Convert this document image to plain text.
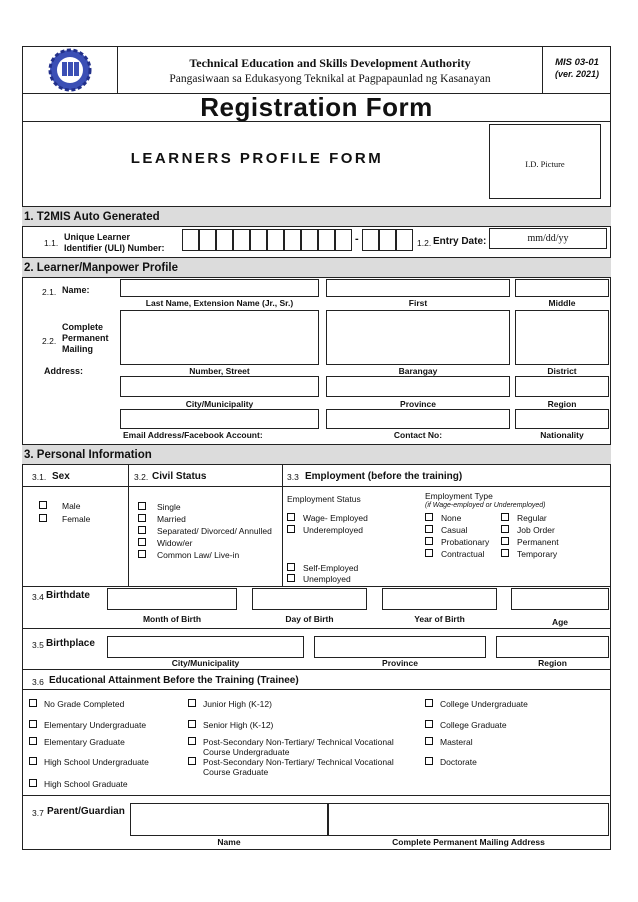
Technical Education and Skills Development Authority
Pangasiwaan sa Edukasyong Teknikal at Pagpapaunlad ng Kasanayan
MIS 03-01
(ver. 2021)
Registration Form
LEARNERS PROFILE FORM	I.D. Picture
1. T2MIS Auto Generated
1.1.
Unique Learner
Identifier (ULI) Number:
-	1.2. Entry Date:	mm/dd/yy
2. Learner/Manpower Profile
2.1. Name:
Last Name, Extension Name (Jr., Sr.)	First	Middle
2.2.
Complete
Permanent
Mailing
Address:	Number, Street	Barangay	District
City/Municipality	Province	Region
Email Address/Facebook Account:	Contact No:	Nationality
3. Personal Information
3.1. Sex	3.2. Civil Status	3.3 Employment (before the training)
Male
Female
Single
Married
Separated/ Divorced/ Annulled
Widow/er
Common Law/ Live-in
Employment Status
Wage- Employed
Underemployed
Self-Employed
Unemployed
Employment Type
(if Wage-employed or Underemployed)
None
Casual
Probationary
Contractual
Regular
Job Order
Permanent
Temporary
3.4 Birthdate
Month of Birth	Day of Birth	Year of Birth	Age
3.5 Birthplace
City/Municipality	Province	Region
3.6 Educational Attainment Before the Training (Trainee)
No Grade Completed
Elementary Undergraduate
Elementary Graduate
High School Undergraduate
High School Graduate
Junior High (K-12)
Senior High (K-12)
Post-Secondary Non-Tertiary/ Technical Vocational Course Undergraduate
Post-Secondary Non-Tertiary/ Technical Vocational Course Graduate
College Undergraduate
College Graduate
Masteral
Doctorate
3.7 Parent/Guardian
Name	Complete Permanent Mailing Address
